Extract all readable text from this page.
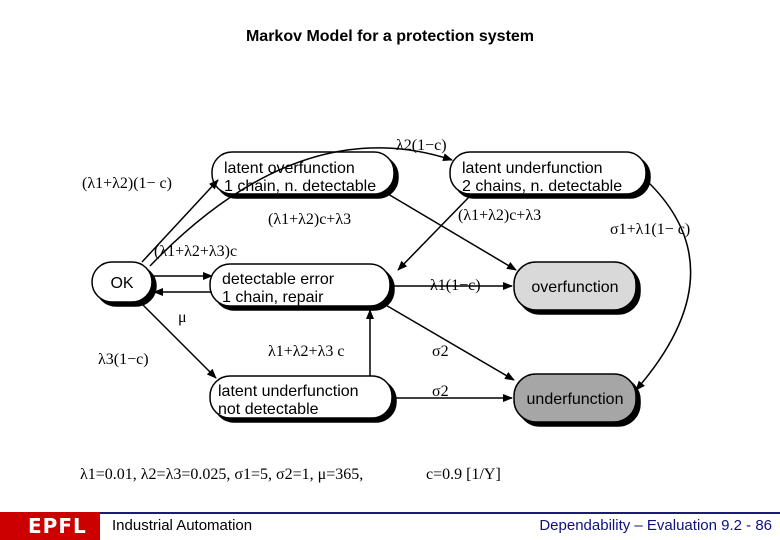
Markov Model for a protection system
latent overfunction
1 chain, n. detectable
latent underfunction
2 chains, n. detectable
OK	detectable error
1 chain, repair
overfunction
latent underfunction
not detectable
underfunction
λ2(1−c)
(λ1+λ2)(1− c)
(λ1+λ2)c+λ3	(λ1+λ2)c+λ3
σ1+λ1(1− c)
(λ1+λ2+λ3)c
μ
λ1(1−c)
λ3(1−c)	λ1+λ2+λ3 c	σ2
σ2
λ1=0.01, λ2=λ3=0.025, σ1=5, σ2=1, μ=365,	c=0.9 [1/Y]
EPFL Industrial Automation	Dependability – Evaluation 9.2 - 86
